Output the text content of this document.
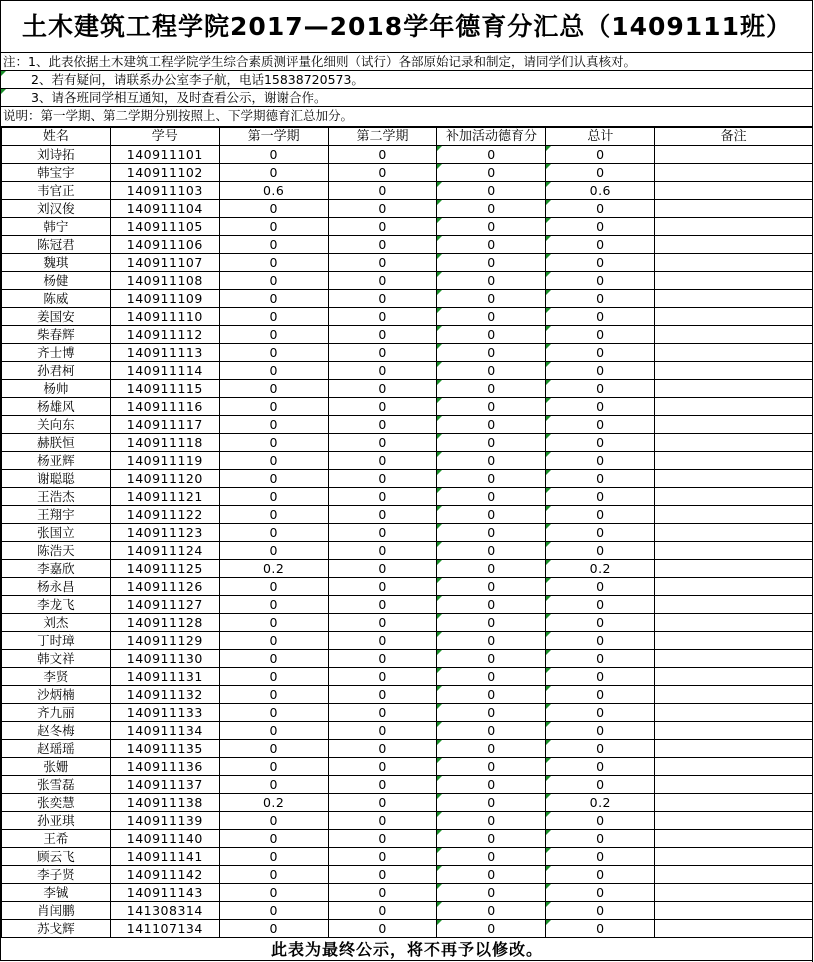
土木建筑工程学院2017—2018学年德育分汇总（1409111班）
注：1、此表依据土木建筑工程学院学生综合素质测评量化细则（试行）各部原始记录和制定，请同学们认真核对。
2、若有疑问，请联系办公室李子航，电话15838720573。
3、请各班同学相互通知，及时查看公示，谢谢合作。
说明：第一学期、第二学期分别按照上、下学期德育汇总加分。
姓名	学号	第一学期	第二学期	补加活动德育分	总计	备注
刘诗拓	140911101	0	0	0	0	
韩宝宇	140911102	0	0	0	0	
韦官正	140911103	0.6	0	0	0.6	
刘汉俊	140911104	0	0	0	0	
韩宁	140911105	0	0	0	0	
陈冠君	140911106	0	0	0	0	
魏琪	140911107	0	0	0	0	
杨健	140911108	0	0	0	0	
陈威	140911109	0	0	0	0	
姜国安	140911110	0	0	0	0	
柴春辉	140911112	0	0	0	0	
齐士博	140911113	0	0	0	0	
孙君柯	140911114	0	0	0	0	
杨帅	140911115	0	0	0	0	
杨雄风	140911116	0	0	0	0	
关向东	140911117	0	0	0	0	
赫朕恒	140911118	0	0	0	0	
杨亚辉	140911119	0	0	0	0	
谢聪聪	140911120	0	0	0	0	
王浩杰	140911121	0	0	0	0	
王翔宇	140911122	0	0	0	0	
张国立	140911123	0	0	0	0	
陈浩天	140911124	0	0	0	0	
李嘉欣	140911125	0.2	0	0	0.2	
杨永昌	140911126	0	0	0	0	
李龙飞	140911127	0	0	0	0	
刘杰	140911128	0	0	0	0	
丁时璋	140911129	0	0	0	0	
韩文祥	140911130	0	0	0	0	
李贤	140911131	0	0	0	0	
沙炳楠	140911132	0	0	0	0	
齐九丽	140911133	0	0	0	0	
赵冬梅	140911134	0	0	0	0	
赵瑶瑶	140911135	0	0	0	0	
张姗	140911136	0	0	0	0	
张雪磊	140911137	0	0	0	0	
张奕慧	140911138	0.2	0	0	0.2	
孙亚琪	140911139	0	0	0	0	
王希	140911140	0	0	0	0	
顾云飞	140911141	0	0	0	0	
李子贤	140911142	0	0	0	0	
李铖	140911143	0	0	0	0	
肖闰鹏	141308314	0	0	0	0	
苏戈辉	141107134	0	0	0	0	
此表为最终公示，将不再予以修改。
